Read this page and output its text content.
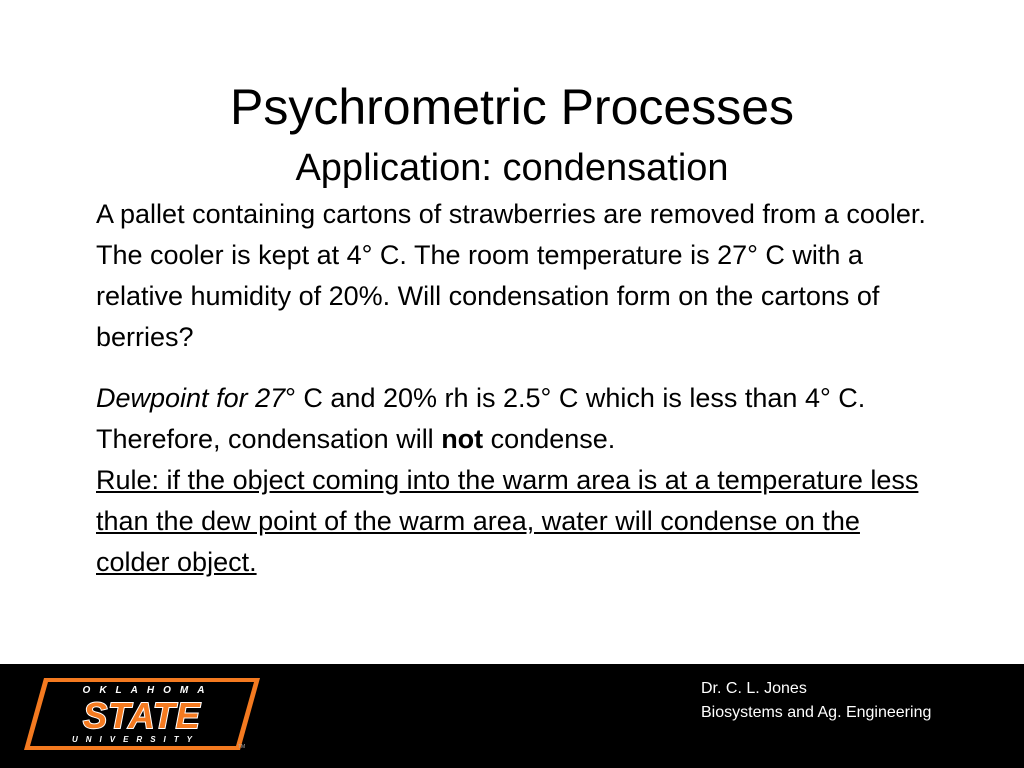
Psychrometric Processes
Application: condensation

A pallet containing cartons of strawberries are removed from a cooler. The cooler is kept at 4° C. The room temperature is 27° C with a relative humidity of 20%. Will condensation form on the cartons of berries?

Dewpoint for 27° C and 20% rh is 2.5° C which is less than 4° C. Therefore, condensation will not condense.

Rule: if the object coming into the warm area is at a temperature less than the dew point of the warm area, water will condense on the colder object.

OKLAHOMA
STATE
UNIVERSITY
TM
Dr. C. L. Jones
Biosystems and Ag. Engineering
